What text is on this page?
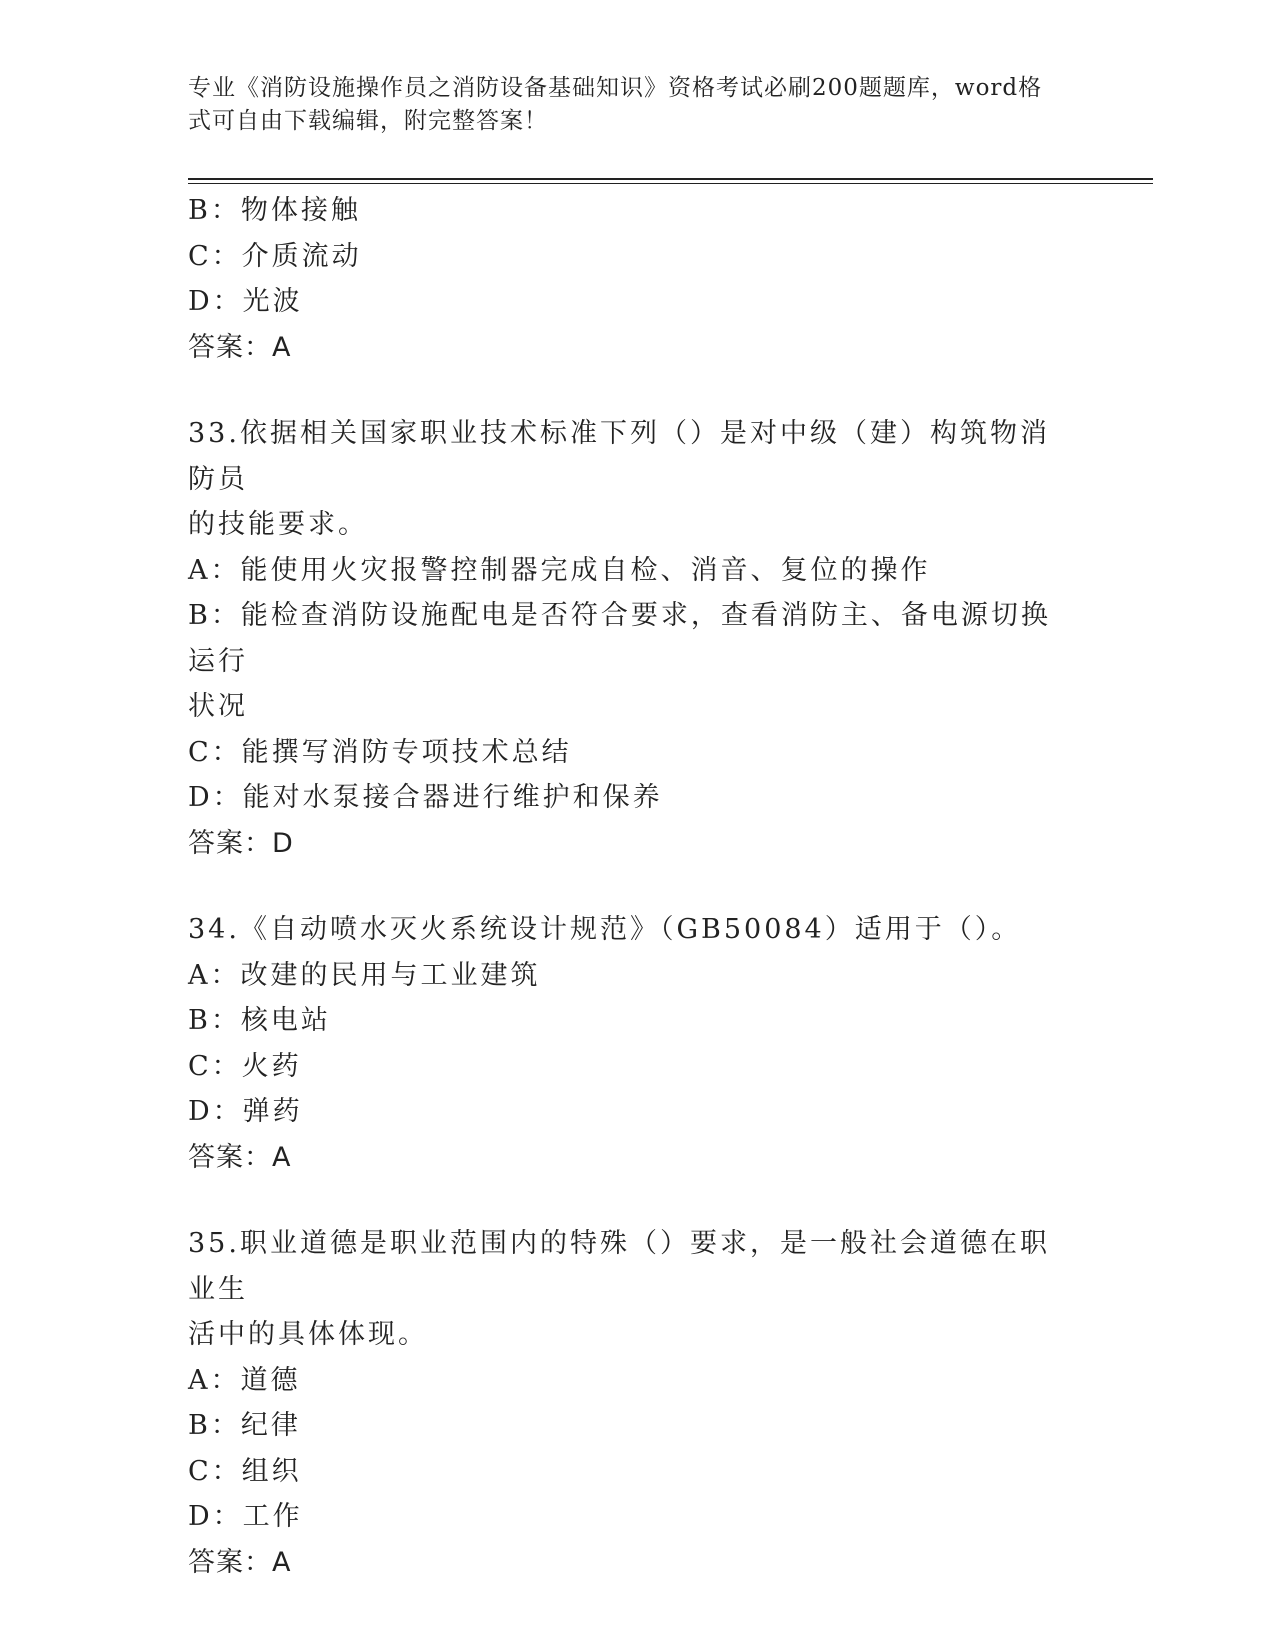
专业《消防设施操作员之消防设备基础知识》资格考试必刷200题题库，word格
式可自由下载编辑，附完整答案！
B：物体接触
C：介质流动
D：光波
答案：A
33.依据相关国家职业技术标准下列（）是对中级（建）构筑物消防员
的技能要求。
A：能使用火灾报警控制器完成自检、消音、复位的操作
B：能检查消防设施配电是否符合要求，查看消防主、备电源切换运行
状况
C：能撰写消防专项技术总结
D：能对水泵接合器进行维护和保养
答案：D
34.《自动喷水灭火系统设计规范》（GB50084）适用于（）。
A：改建的民用与工业建筑
B：核电站
C：火药
D：弹药
答案：A
35.职业道德是职业范围内的特殊（）要求，是一般社会道德在职业生
活中的具体体现。
A：道德
B：纪律
C：组织
D：工作
答案：A
